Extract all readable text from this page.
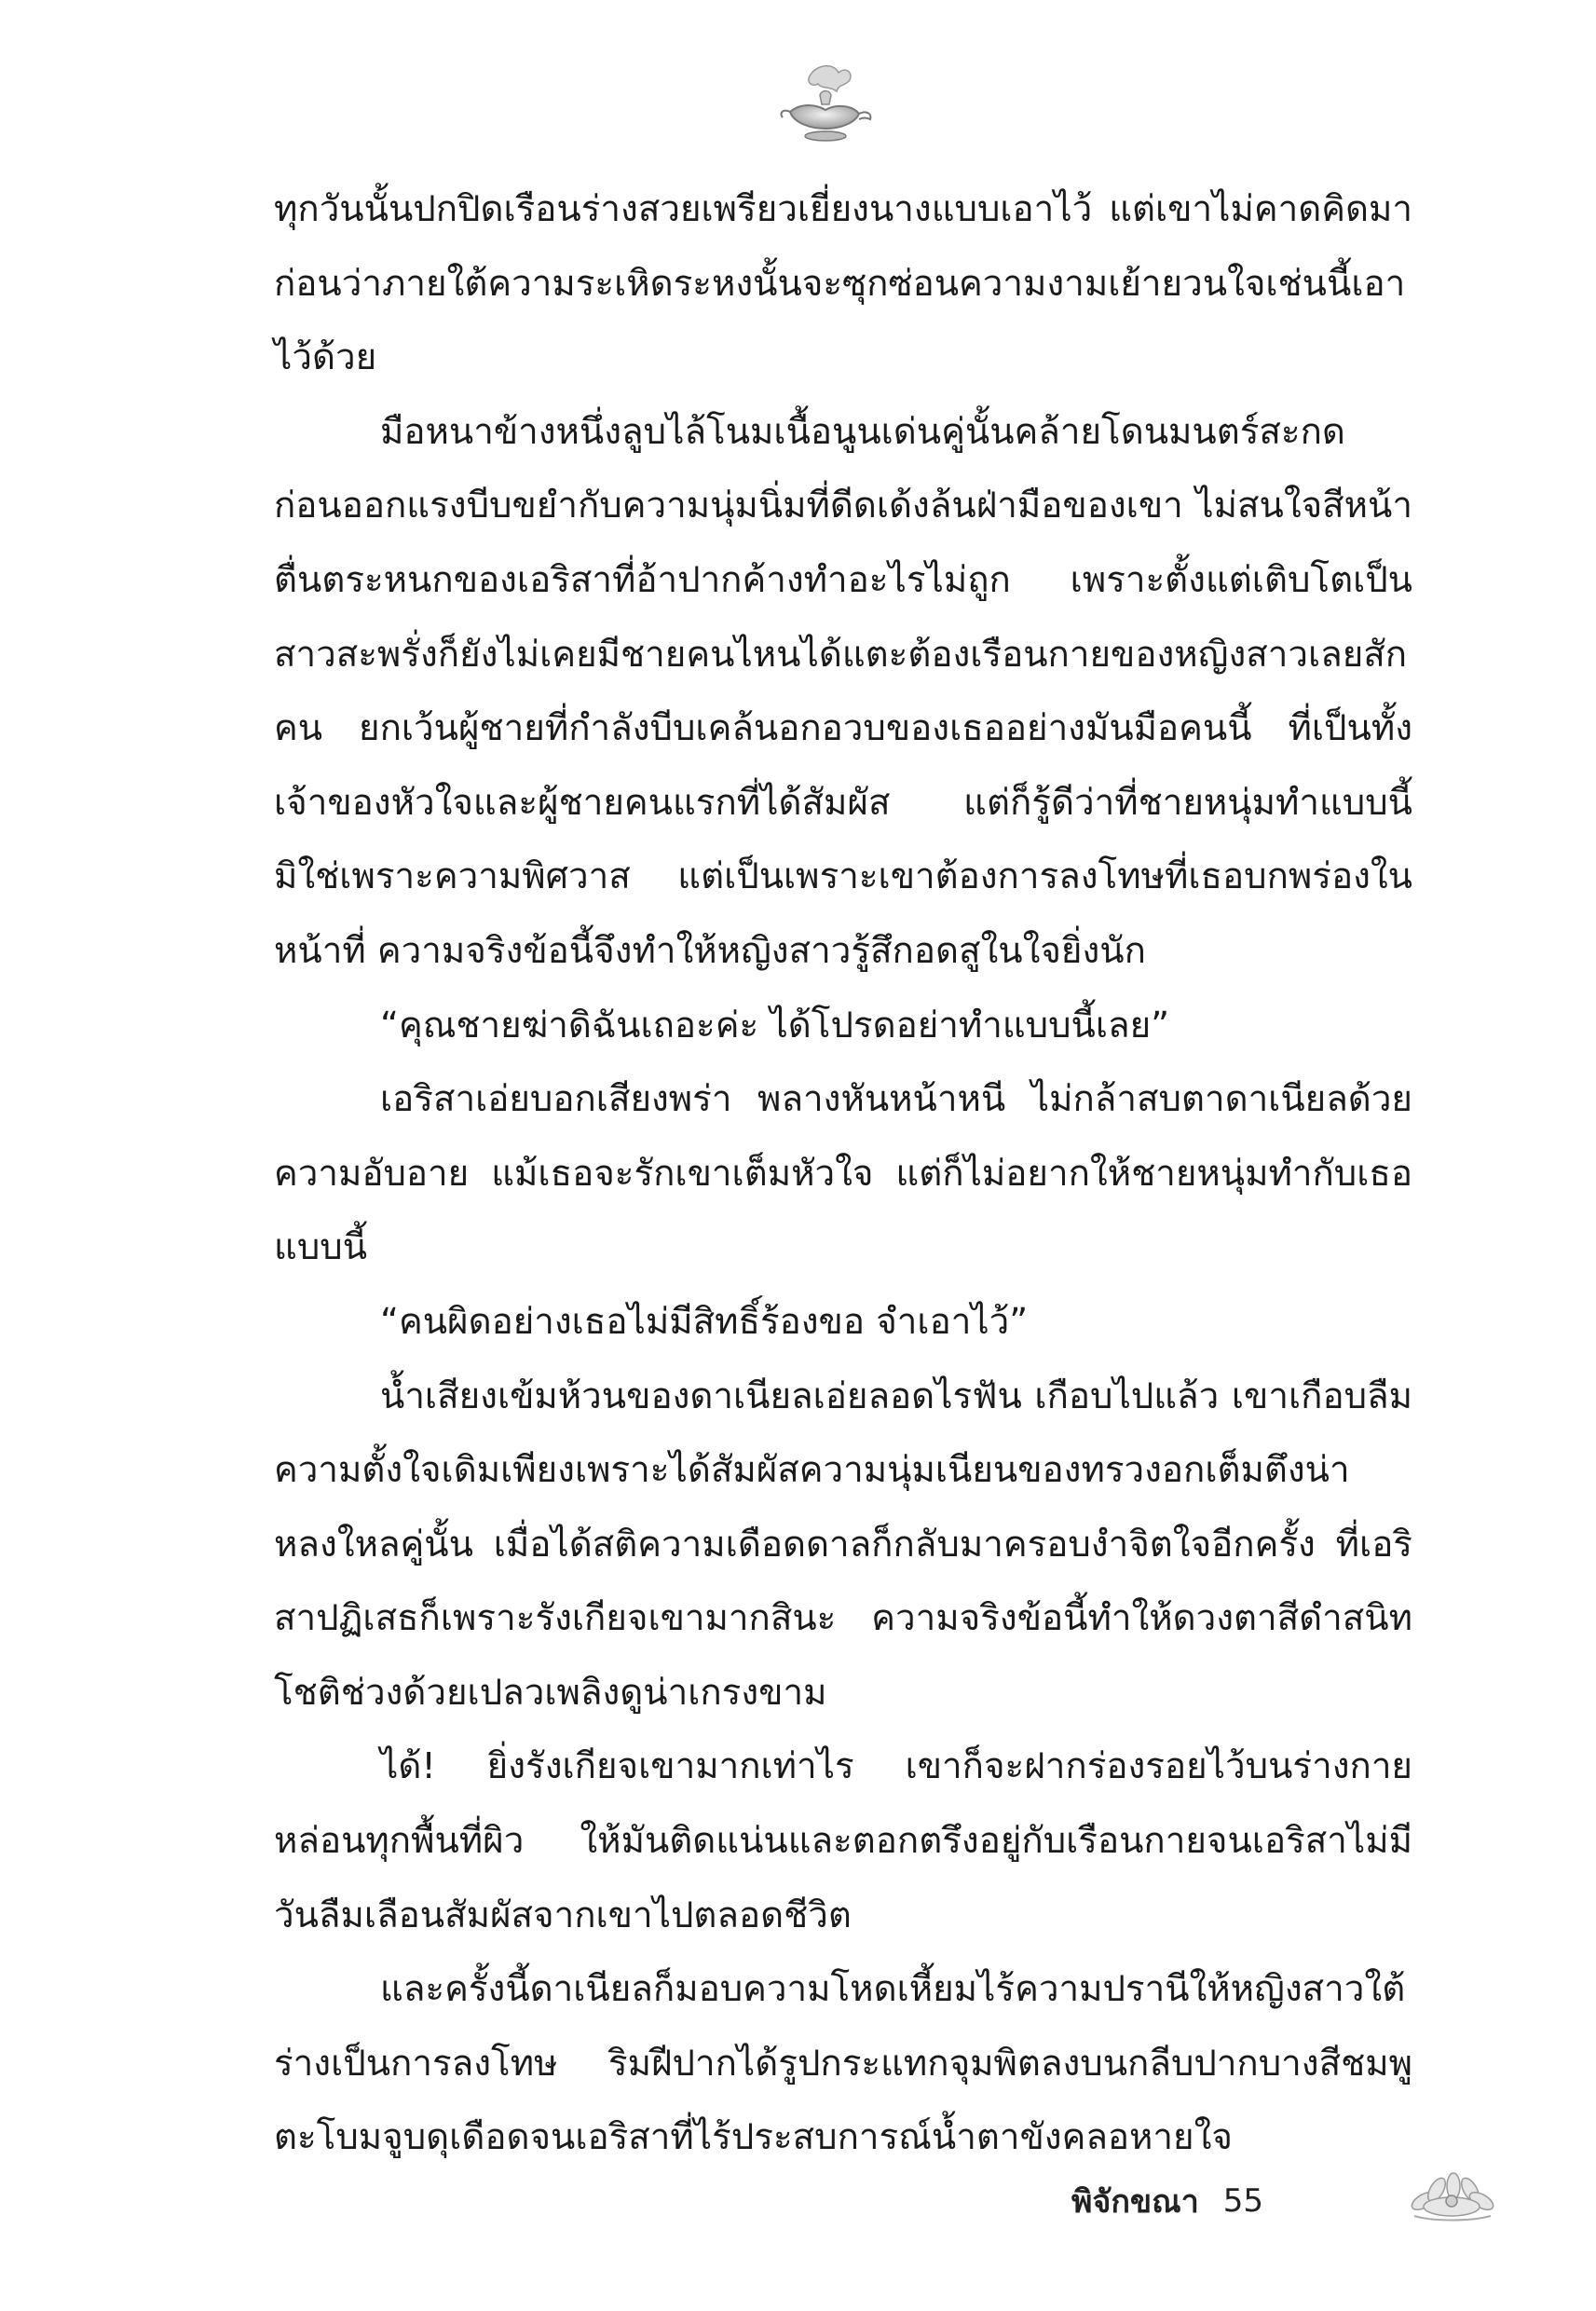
ทุกวันนั้นปกปิดเรือนร่างสวยเพรียวเยี่ยงนางแบบเอาไว้ แต่เขาไม่คาดคิดมาก่อนว่าภายใต้ความระเหิดระหงนั้นจะซุกซ่อนความงามเย้ายวนใจเช่นนี้เอาไว้ด้วย

มือหนาข้างหนึ่งลูบไล้โนมเนื้อนูนเด่นคู่นั้นคล้ายโดนมนตร์สะกดก่อนออกแรงบีบขยำกับความนุ่มนิ่มที่ดีดเด้งล้นฝ่ามือของเขา ไม่สนใจสีหน้าตื่นตระหนกของเอริสาที่อ้าปากค้างทำอะไรไม่ถูก เพราะตั้งแต่เติบโตเป็นสาวสะพรั่งก็ยังไม่เคยมีชายคนไหนได้แตะต้องเรือนกายของหญิงสาวเลยสักคน ยกเว้นผู้ชายที่กำลังบีบเคล้นอกอวบของเธออย่างมันมือคนนี้ ที่เป็นทั้งเจ้าของหัวใจและผู้ชายคนแรกที่ได้สัมผัส แต่ก็รู้ดีว่าที่ชายหนุ่มทำแบบนี้มิใช่เพราะความพิศวาส แต่เป็นเพราะเขาต้องการลงโทษที่เธอบกพร่องในหน้าที่ ความจริงข้อนี้จึงทำให้หญิงสาวรู้สึกอดสูในใจยิ่งนัก

“คุณชายฆ่าดิฉันเถอะค่ะ ได้โปรดอย่าทำแบบนี้เลย”

เอริสาเอ่ยบอกเสียงพร่า พลางหันหน้าหนี ไม่กล้าสบตาดาเนียลด้วยความอับอาย แม้เธอจะรักเขาเต็มหัวใจ แต่ก็ไม่อยากให้ชายหนุ่มทำกับเธอแบบนี้

“คนผิดอย่างเธอไม่มีสิทธิ์ร้องขอ จำเอาไว้”

น้ำเสียงเข้มห้วนของดาเนียลเอ่ยลอดไรฟัน เกือบไปแล้ว เขาเกือบลืมความตั้งใจเดิมเพียงเพราะได้สัมผัสความนุ่มเนียนของทรวงอกเต็มตึงน่าหลงใหลคู่นั้น เมื่อได้สติความเดือดดาลก็กลับมาครอบงำจิตใจอีกครั้ง ที่เอริสาปฏิเสธก็เพราะรังเกียจเขามากสินะ ความจริงข้อนี้ทำให้ดวงตาสีดำสนิทโชติช่วงด้วยเปลวเพลิงดูน่าเกรงขาม

ได้! ยิ่งรังเกียจเขามากเท่าไร เขาก็จะฝากร่องรอยไว้บนร่างกายหล่อนทุกพื้นที่ผิว ให้มันติดแน่นและตอกตรึงอยู่กับเรือนกายจนเอริสาไม่มีวันลืมเลือนสัมผัสจากเขาไปตลอดชีวิต

และครั้งนี้ดาเนียลก็มอบความโหดเหี้ยมไร้ความปรานีให้หญิงสาวใต้ร่างเป็นการลงโทษ ริมฝีปากได้รูปกระแทกจุมพิตลงบนกลีบปากบางสีชมพู ตะโบมจูบดุเดือดจนเอริสาที่ไร้ประสบการณ์น้ำตาขังคลอหายใจ

พิจักขณา 55
